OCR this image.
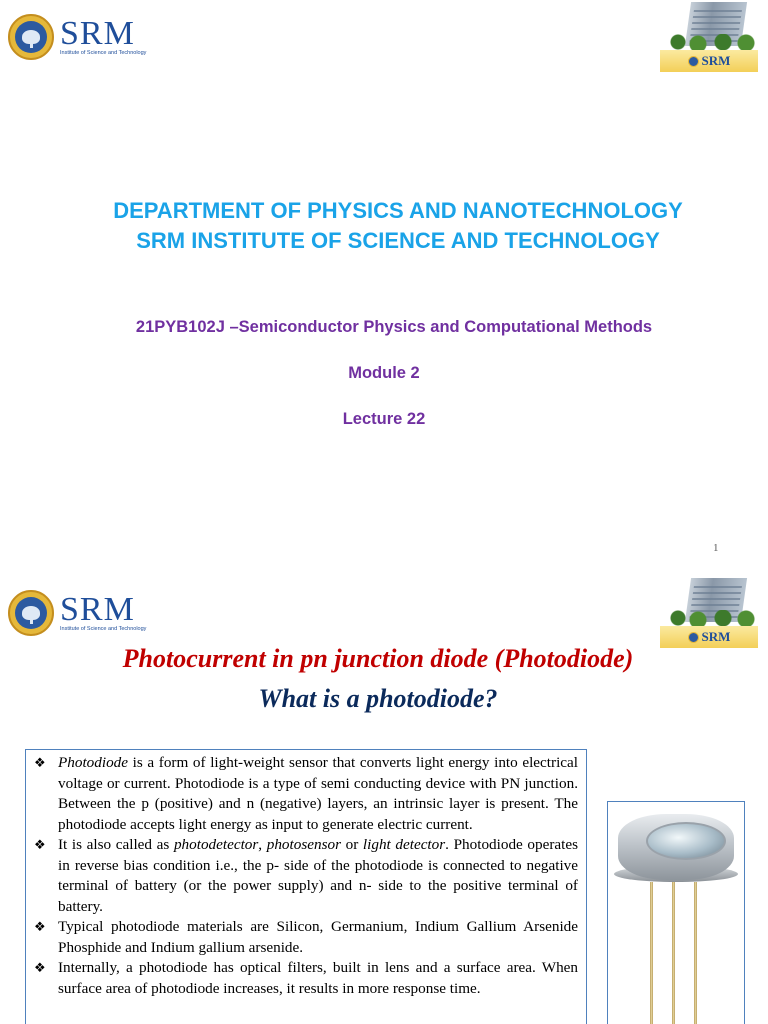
SRM
Institute of Science and Technology
SRM
DEPARTMENT OF PHYSICS AND NANOTECHNOLOGY
SRM INSTITUTE OF SCIENCE AND TECHNOLOGY
21PYB102J –Semiconductor Physics and Computational Methods
Module 2
Lecture 22
1
SRM
Institute of Science and Technology
SRM
Photocurrent in pn junction diode (Photodiode)
What is a photodiode?

❖ Photodiode is a form of light-weight sensor that converts light energy into electrical voltage or current. Photodiode is a type of semi conducting device with PN junction. Between the p (positive) and n (negative) layers, an intrinsic layer is present. The photodiode accepts light energy as input to generate electric current.

❖ It is also called as photodetector, photosensor or light detector. Photodiode operates in reverse bias condition i.e., the p- side of the photodiode is connected to negative terminal of battery (or the power supply) and n- side to the positive terminal of battery.

❖ Typical photodiode materials are Silicon, Germanium, Indium Gallium Arsenide Phosphide and Indium gallium arsenide.

❖ Internally, a photodiode has optical filters, built in lens and a surface area. When surface area of photodiode increases, it results in more response time.
